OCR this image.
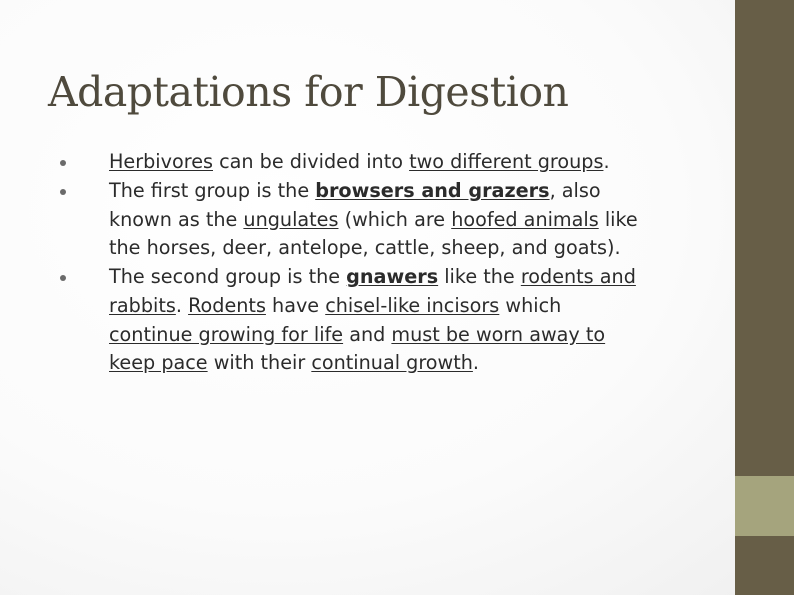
Adaptations for Digestion
Herbivores can be divided into two different groups.
The first group is the browsers and grazers, also known as the ungulates (which are hoofed animals like the horses, deer, antelope, cattle, sheep, and goats).
The second group is the gnawers like the rodents and rabbits. Rodents have chisel-like incisors which continue growing for life and must be worn away to keep pace with their continual growth.
